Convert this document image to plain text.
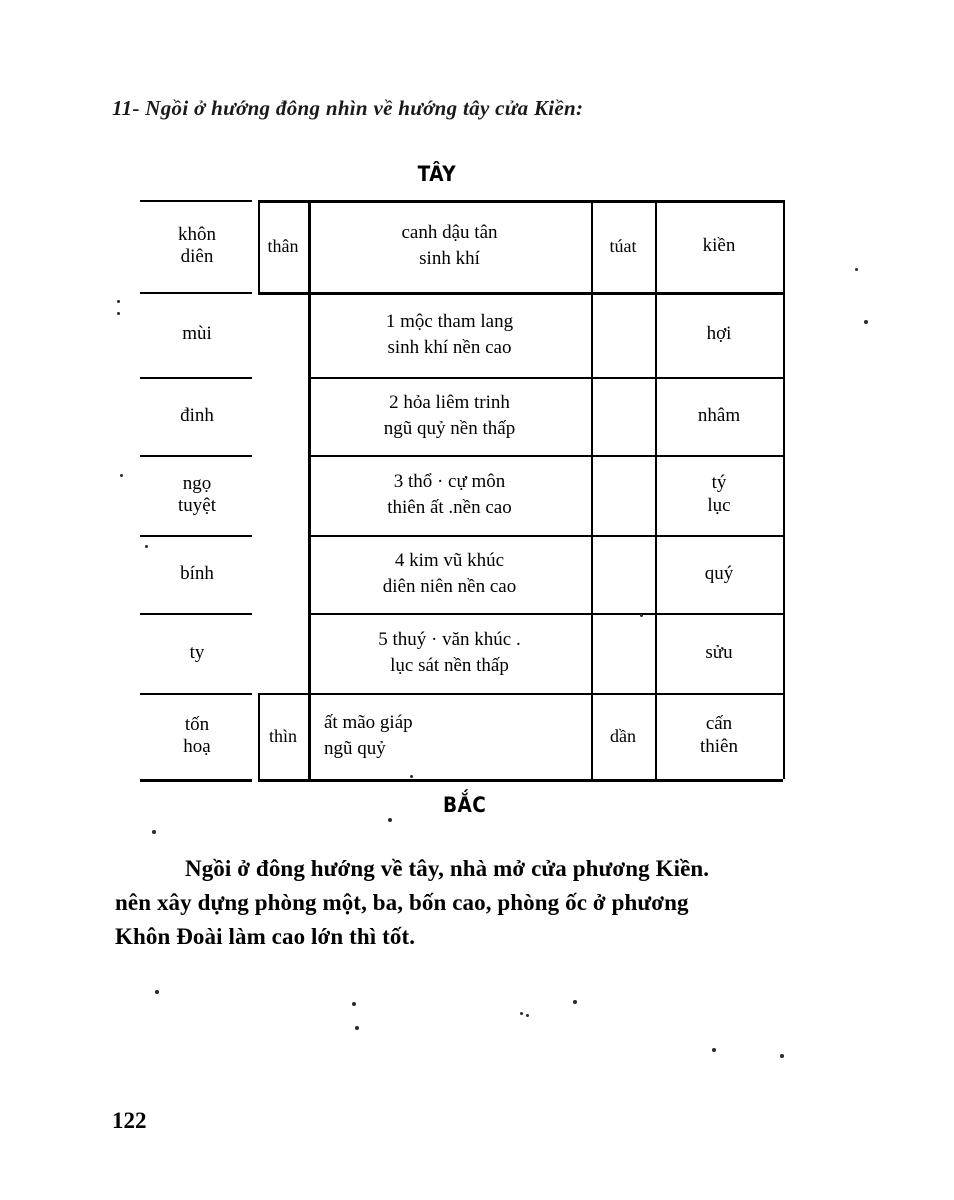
11- Ngồi ở hướng đông nhìn về hướng tây cửa Kiền:
TÂY
khôn
diên
thân
canh dậu tân
sinh khí
túat	kiền
mùi
1 mộc tham lang
sinh khí nền cao
hợi
đinh
2 hỏa liêm trinh
ngũ quỷ nền thấp
nhâm
ngọ
tuyệt
3 thổ · cự môn
thiên ất .nền cao
tý
lục
bính
4 kim vũ khúc
diên niên nền cao
quý
ty
5 thuý · văn khúc .
lục sát nền thấp
sửu
tốn
hoạ
thìn
ất mão giáp
ngũ quỷ
dần
cấn
thiên
BẮC
Ngồi ở đông hướng về tây, nhà mở cửa phương Kiền.
nên xây dựng phòng một, ba, bốn cao, phòng ốc ở phương
Khôn Đoài làm cao lớn thì tốt.
122
